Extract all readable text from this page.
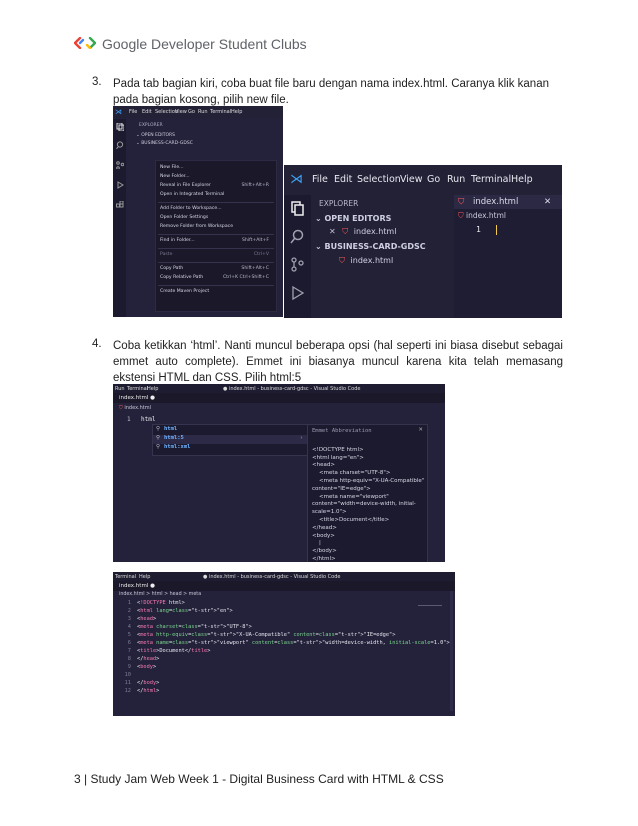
Google Developer Student Clubs
3. Pada tab bagian kiri, coba buat file baru dengan nama index.html. Caranya klik kanan pada bagian kosong, pilih new file.
⋊ File Edit Selection
View Go Run Terminal Help
EXPLORER
⌄ OPEN EDITORS
⌄ BUSINESS-CARD-GDSC
New File...
New Folder...
Reveal in File Explorer	Shift+Alt+R
Open in Integrated Terminal
Add Folder to Workspace...
Open Folder Settings
Remove Folder from Workspace
Find in Folder...	Shift+Alt+F
Paste	Ctrl+V
Copy Path	Shift+Alt+C
Copy Relative Path	Ctrl+K Ctrl+Shift+C
Create Maven Project
⋊ File Edit Selection View Go Run Terminal Help
EXPLORER
⌄ OPEN EDITORS
✕ ⛉ index.html
⌄ BUSINESS-CARD-GDSC
⛉ index.html
⛉ index.html	✕
⛉ index.html
1
4. Coba ketikkan ‘html’. Nanti muncul beberapa opsi (hal seperti ini biasa disebut sebagai emmet auto complete). Emmet ini biasanya muncul karena kita telah memasang ekstensi HTML dan CSS. Pilih html:5
Run Terminal
Help	● index.html - business-card-gdsc - Visual Studio Code
index.html ●
⛉ index.html
1 html
⚲ html
⚲ html:5	›
⚲ html:xml
Emmet Abbreviation	✕

<!DOCTYPE html>
<html lang="en">
<head>
<meta charset="UTF-8">
<meta http-equiv="X-UA-Compatible"
content="IE=edge">
<meta name="viewport"
content="width=device-width, initial-
scale=1.0">
<title>Document</title>
</head>
<body>
|
</body>
</html>

Terminal Help	● index.html - business-card-gdsc - Visual Studio Code
index.html ●
index.html > html > head > meta
1 <!DOCTYPE html>
2 <html lang=class="t-str">"en">
3 <head>
4 <meta charset=class="t-str">"UTF-8">
5 <meta http-equiv=class="t-str">"X-UA-Compatible" content=class="t-str">"IE=edge">
6 <meta name=class="t-str">"viewport" content=class="t-str">"width=device-width, initial-scale=1.0">
7 <title>Document</title>
8 </head>
9 <body>
10
11 </body>
12 </html>
3 | Study Jam Web Week 1 - Digital Business Card with HTML & CSS
